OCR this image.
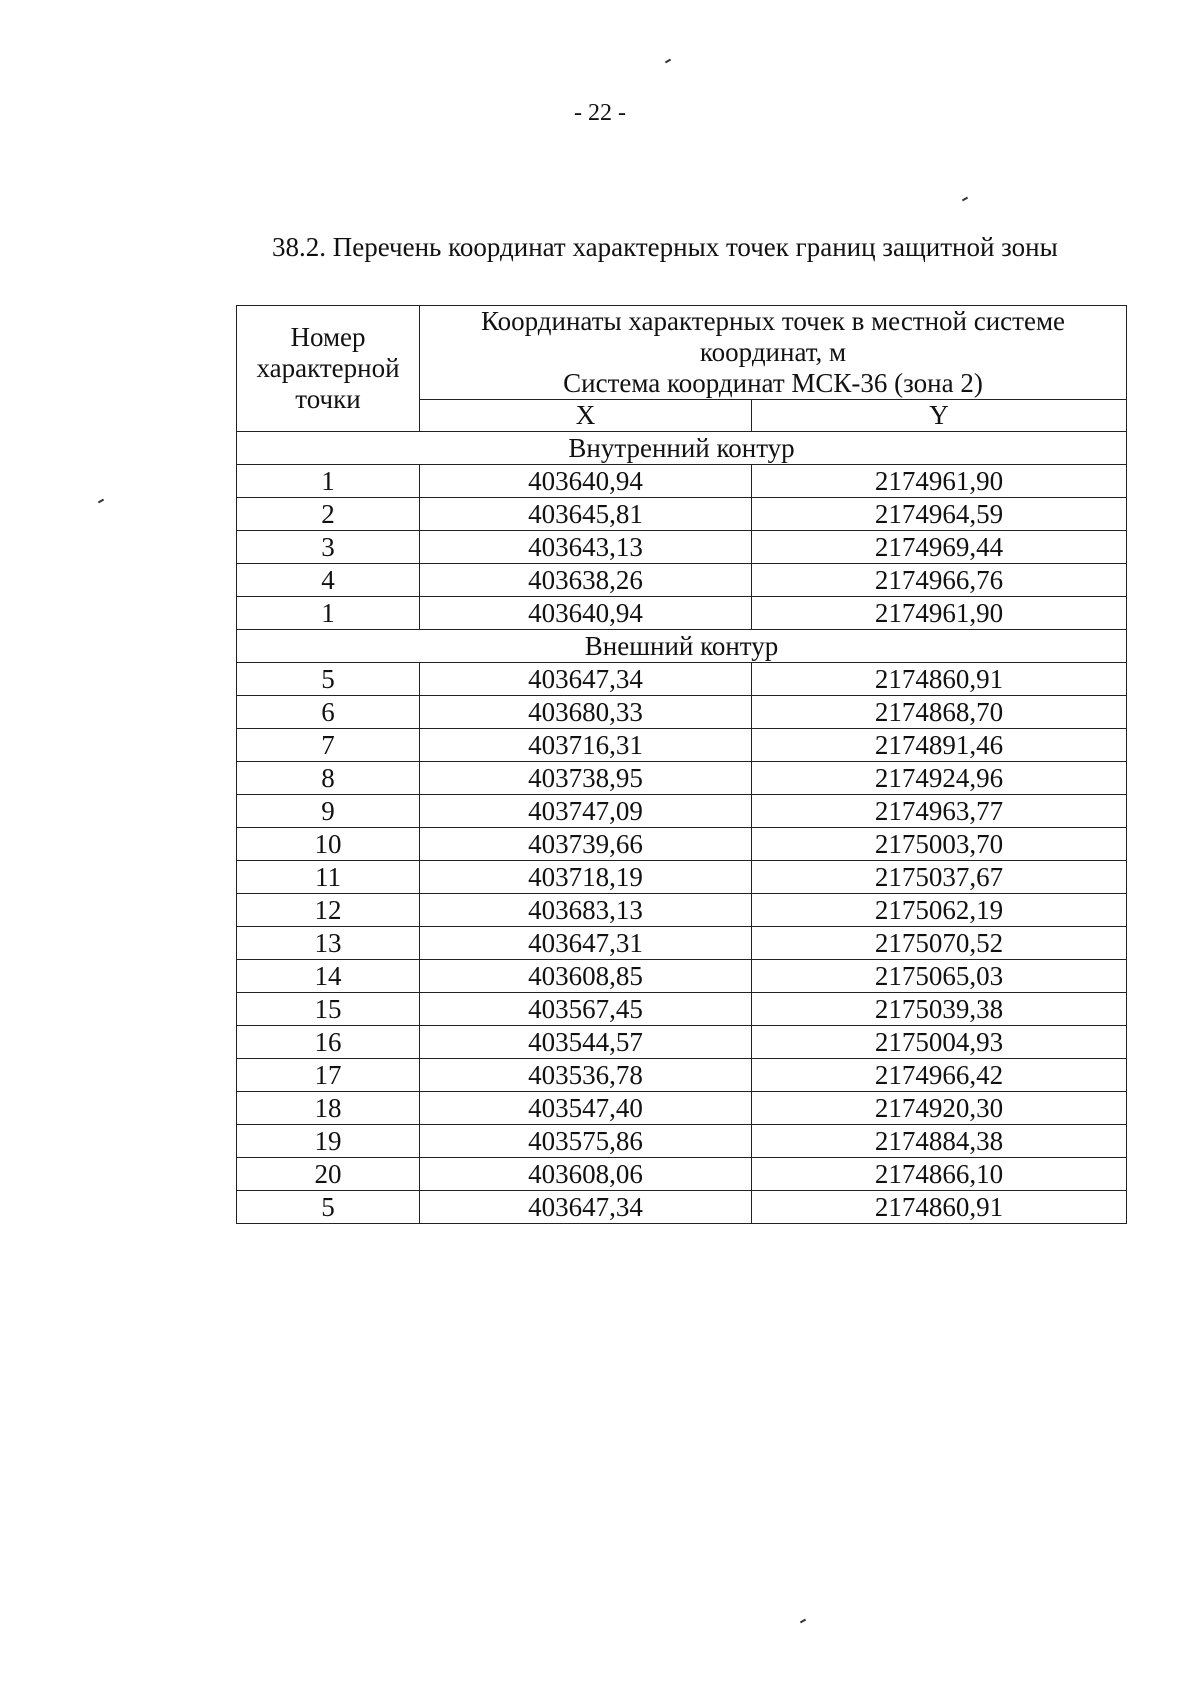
- 22 -
38.2. Перечень координат характерных точек границ защитной зоны
Номер характерной точки	Координаты характерных точек в местной системе
координат, м
Система координат МСК-36 (зона 2)	

	X	Y
Внутренний контур		
1	403640,94	2174961,90
2	403645,81	2174964,59
3	403643,13	2174969,44
4	403638,26	2174966,76
1	403640,94	2174961,90
Внешний контур		
5	403647,34	2174860,91
6	403680,33	2174868,70
7	403716,31	2174891,46
8	403738,95	2174924,96
9	403747,09	2174963,77
10	403739,66	2175003,70
11	403718,19	2175037,67
12	403683,13	2175062,19
13	403647,31	2175070,52
14	403608,85	2175065,03
15	403567,45	2175039,38
16	403544,57	2175004,93
17	403536,78	2174966,42
18	403547,40	2174920,30
19	403575,86	2174884,38
20	403608,06	2174866,10
5	403647,34	2174860,91
